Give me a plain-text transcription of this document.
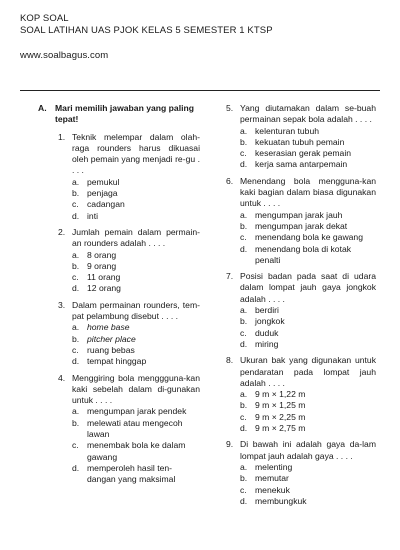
KOP SOAL
SOAL LATIHAN UAS PJOK KELAS 5 SEMESTER 1 KTSP
www.soalbagus.com
A. Mari memilih jawaban yang paling tepat!
1. Teknik melempar dalam olah-raga rounders harus dikuasai oleh pemain yang menjadi re-gu . . . .
a. pemukul
b. penjaga
c. cadangan
d. inti
2. Jumlah pemain dalam permain-an rounders adalah . . . .
a. 8 orang
b. 9 orang
c. 11 orang
d. 12 orang
3. Dalam permainan rounders, tem-pat pelambung disebut . . . .
a. home base
b. pitcher place
c. ruang bebas
d. tempat hinggap
4. Menggiring bola menggguna-kan kaki sebelah dalam di-gunakan untuk . . . .
a. mengumpan jarak pendek
b. melewati atau mengecoh lawan
c. menembak bola ke dalam gawang
d. memperoleh hasil ten-dangan yang maksimal
5. Yang diutamakan dalam se-buah permainan sepak bola adalah . . . .
a. kelenturan tubuh
b. kekuatan tubuh pemain
c. keserasian gerak pemain
d. kerja sama antarpemain
6. Menendang bola mengguna-kan kaki bagian dalam biasa digunakan untuk . . . .
a. mengumpan jarak jauh
b. mengumpan jarak dekat
c. menendang bola ke gawang
d. menendang bola di kotak penalti
7. Posisi badan pada saat di udara dalam lompat jauh gaya jongkok adalah . . . .
a. berdiri
b. jongkok
c. duduk
d. miring
8. Ukuran bak yang digunakan untuk pendaratan pada lompat jauh adalah . . . .
a. 9 m × 1,22 m
b. 9 m × 1,25 m
c. 9 m × 2,25 m
d. 9 m × 2,75 m
9. Di bawah ini adalah gaya da-lam lompat jauh adalah gaya . . . .
a. melenting
b. memutar
c. menekuk
d. membungkuk
